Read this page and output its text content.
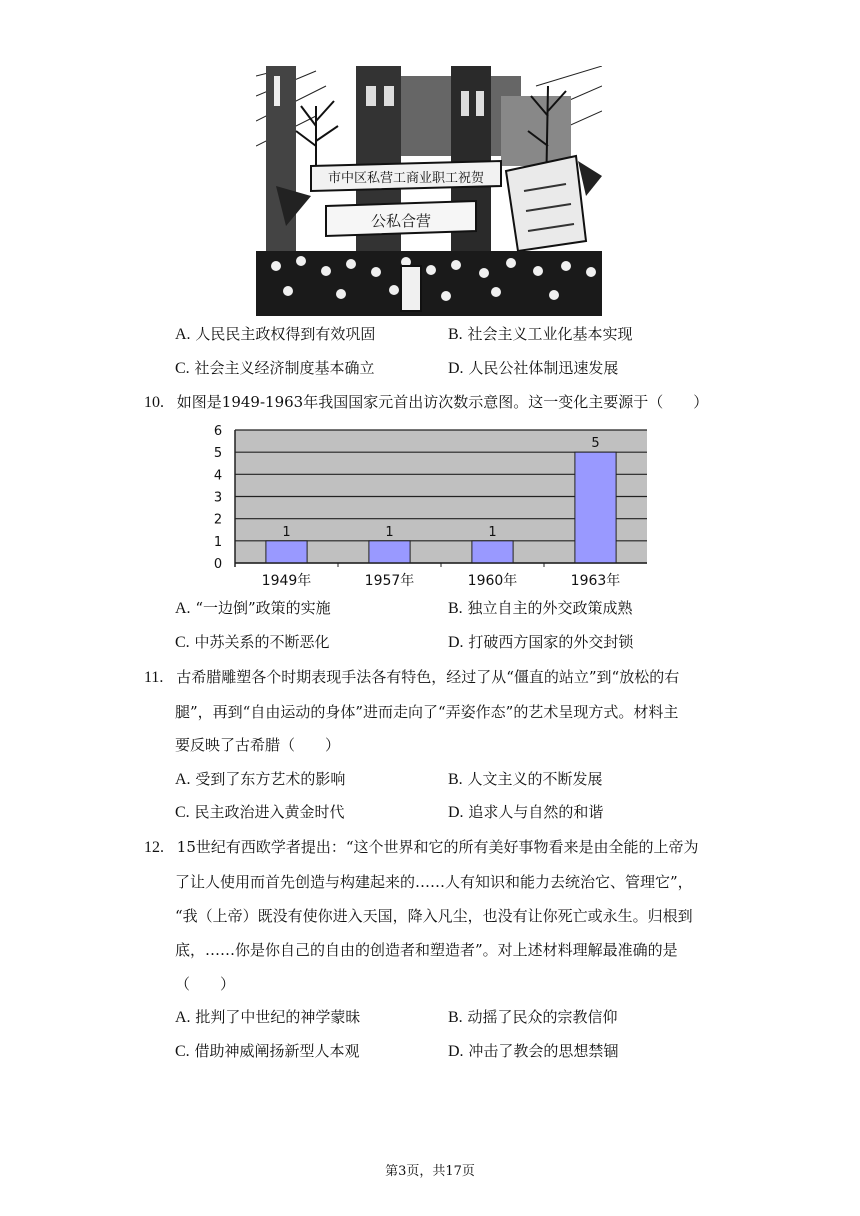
市中区私营工商业职工祝贺
公私合营
A. 人民民主政权得到有效巩固	B. 社会主义工业化基本实现
C. 社会主义经济制度基本确立	D. 人民公社体制迅速发展
10. 如图是1949-1963年我国国家元首出访次数示意图。这一变化主要源于（　　）
0
1
2
3
4
5
6
1
1949年
1
1957年
1
1960年
5
1963年
A. “一边倒”政策的实施	B. 独立自主的外交政策成熟
C. 中苏关系的不断恶化	D. 打破西方国家的外交封锁
11. 古希腊雕塑各个时期表现手法各有特色，经过了从“僵直的站立”到“放松的右
腿”，再到“自由运动的身体”进而走向了“弄姿作态”的艺术呈现方式。材料主
要反映了古希腊（　　）
A. 受到了东方艺术的影响	B. 人文主义的不断发展
C. 民主政治进入黄金时代	D. 追求人与自然的和谐
12. 15世纪有西欧学者提出：“这个世界和它的所有美好事物看来是由全能的上帝为
了让人使用而首先创造与构建起来的……人有知识和能力去统治它、管理它”，
“我（上帝）既没有使你进入天国，降入凡尘，也没有让你死亡或永生。归根到
底，……你是你自己的自由的创造者和塑造者”。对上述材料理解最准确的是
（　　）
A. 批判了中世纪的神学蒙昧	B. 动摇了民众的宗教信仰
C. 借助神威阐扬新型人本观	D. 冲击了教会的思想禁锢
第3页，共17页
